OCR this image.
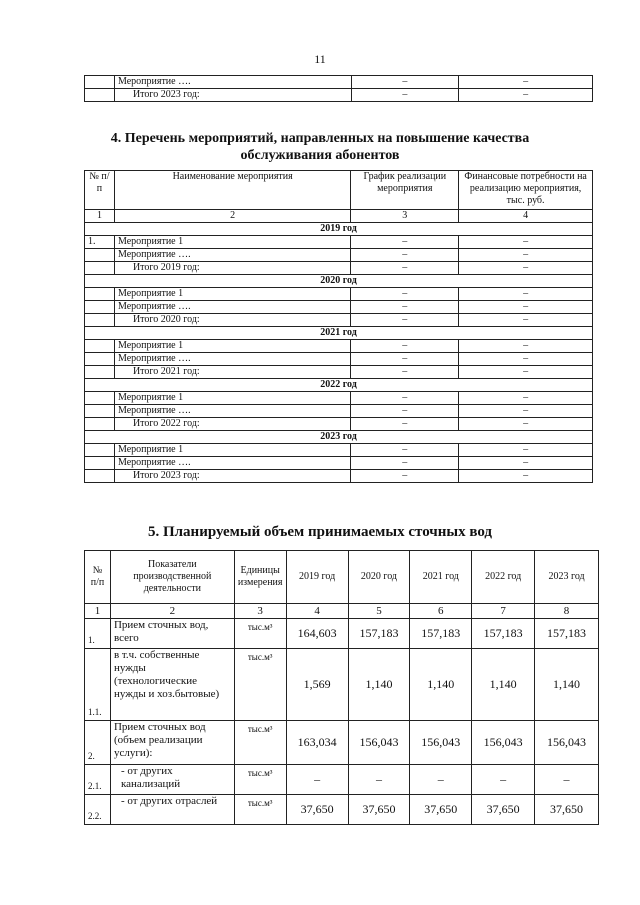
11
	Мероприятие ….	–	–
	Итого 2023 год:	–	–
4. Перечень мероприятий, направленных на повышение качества
обслуживания абонентов
№ п/п	Наименование мероприятия	График реализации мероприятия	Финансовые потребности на реализацию мероприятия, тыс. руб.
1	2	3	4
2019 год			
1.	Мероприятие 1	–	–
	Мероприятие ….	–	–
	Итого 2019 год:	–	–
2020 год			
	Мероприятие 1	–	–
	Мероприятие ….	–	–
	Итого 2020 год:	–	–
2021 год			
	Мероприятие 1	–	–
	Мероприятие ….	–	–
	Итого 2021 год:	–	–
2022 год			
	Мероприятие 1	–	–
	Мероприятие ….	–	–
	Итого 2022 год:	–	–
2023 год			
	Мероприятие 1	–	–
	Мероприятие ….	–	–
	Итого 2023 год:	–	–
5. Планируемый объем принимаемых сточных вод
№ п/п	Показатели производственной деятельности	Единицы измерения	2019 год	2020 год	2021 год	2022 год	2023 год
1	2	3	4	5	6	7	8
1.	Прием сточных вод, всего	тыс.м³	164,603	157,183	157,183	157,183	157,183
1.1.	в т.ч. собственные нужды (технологические нужды и хоз.бытовые)	тыс.м³	1,569	1,140	1,140	1,140	1,140
2.	Прием сточных вод (объем реализации услуги):	тыс.м³	163,034	156,043	156,043	156,043	156,043
2.1.	- от других канализаций	тыс.м³	–	–	–	–	–
2.2.	- от других отраслей	тыс.м³	37,650	37,650	37,650	37,650	37,650
